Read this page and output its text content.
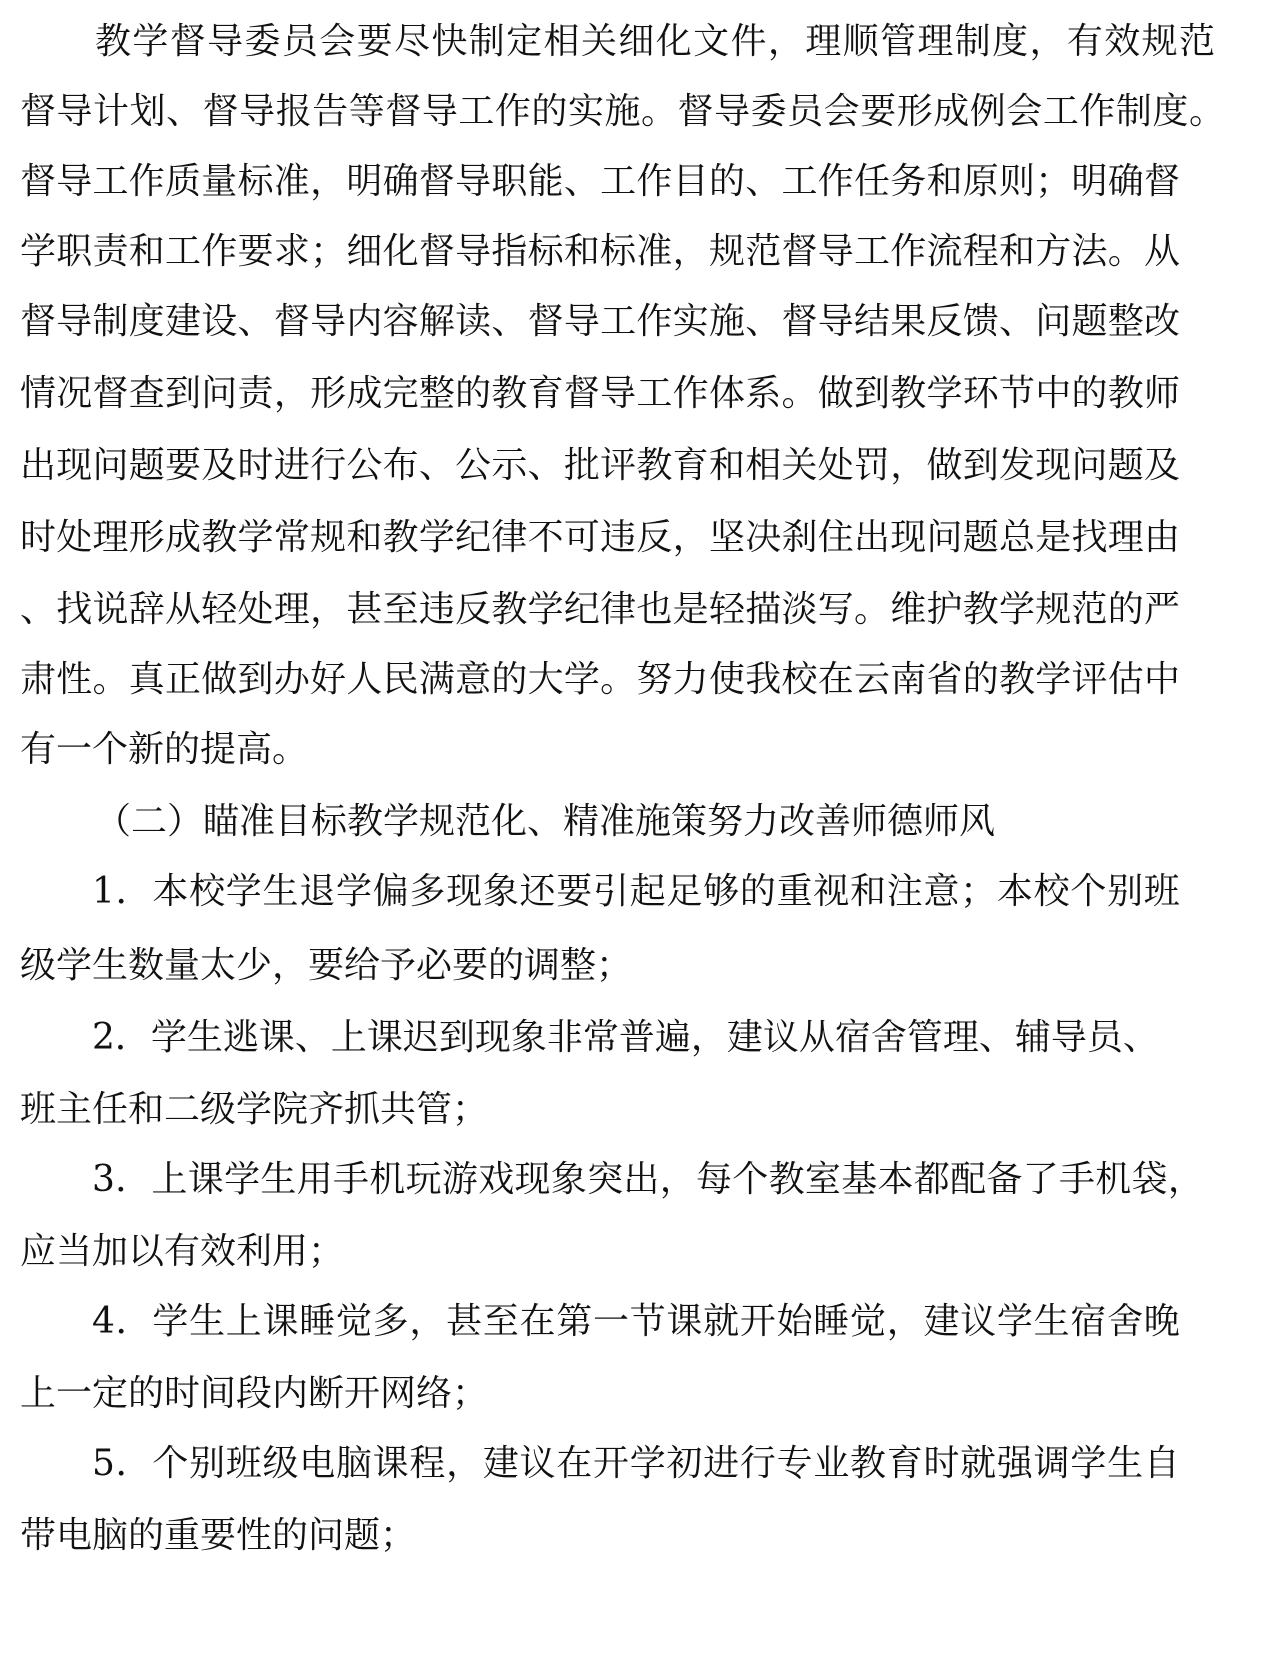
教学督导委员会要尽快制定相关细化文件，理顺管理制度，有效规范
督导计划、督导报告等督导工作的实施。督导委员会要形成例会工作制度。
督导工作质量标准，明确督导职能、工作目的、工作任务和原则；明确督
学职责和工作要求；细化督导指标和标准，规范督导工作流程和方法。从
督导制度建设、督导内容解读、督导工作实施、督导结果反馈、问题整改
情况督查到问责，形成完整的教育督导工作体系。做到教学环节中的教师
出现问题要及时进行公布、公示、批评教育和相关处罚，做到发现问题及
时处理形成教学常规和教学纪律不可违反，坚决刹住出现问题总是找理由
、找说辞从轻处理，甚至违反教学纪律也是轻描淡写。维护教学规范的严
肃性。真正做到办好人民满意的大学。努力使我校在云南省的教学评估中
有一个新的提高。
（二）瞄准目标教学规范化、精准施策努力改善师德师风
1．本校学生退学偏多现象还要引起足够的重视和注意；本校个别班
级学生数量太少，要给予必要的调整；
2．学生逃课、上课迟到现象非常普遍，建议从宿舍管理、辅导员、
班主任和二级学院齐抓共管；
3．上课学生用手机玩游戏现象突出，每个教室基本都配备了手机袋，
应当加以有效利用；
4．学生上课睡觉多，甚至在第一节课就开始睡觉，建议学生宿舍晚
上一定的时间段内断开网络；
5．个别班级电脑课程，建议在开学初进行专业教育时就强调学生自
带电脑的重要性的问题；
